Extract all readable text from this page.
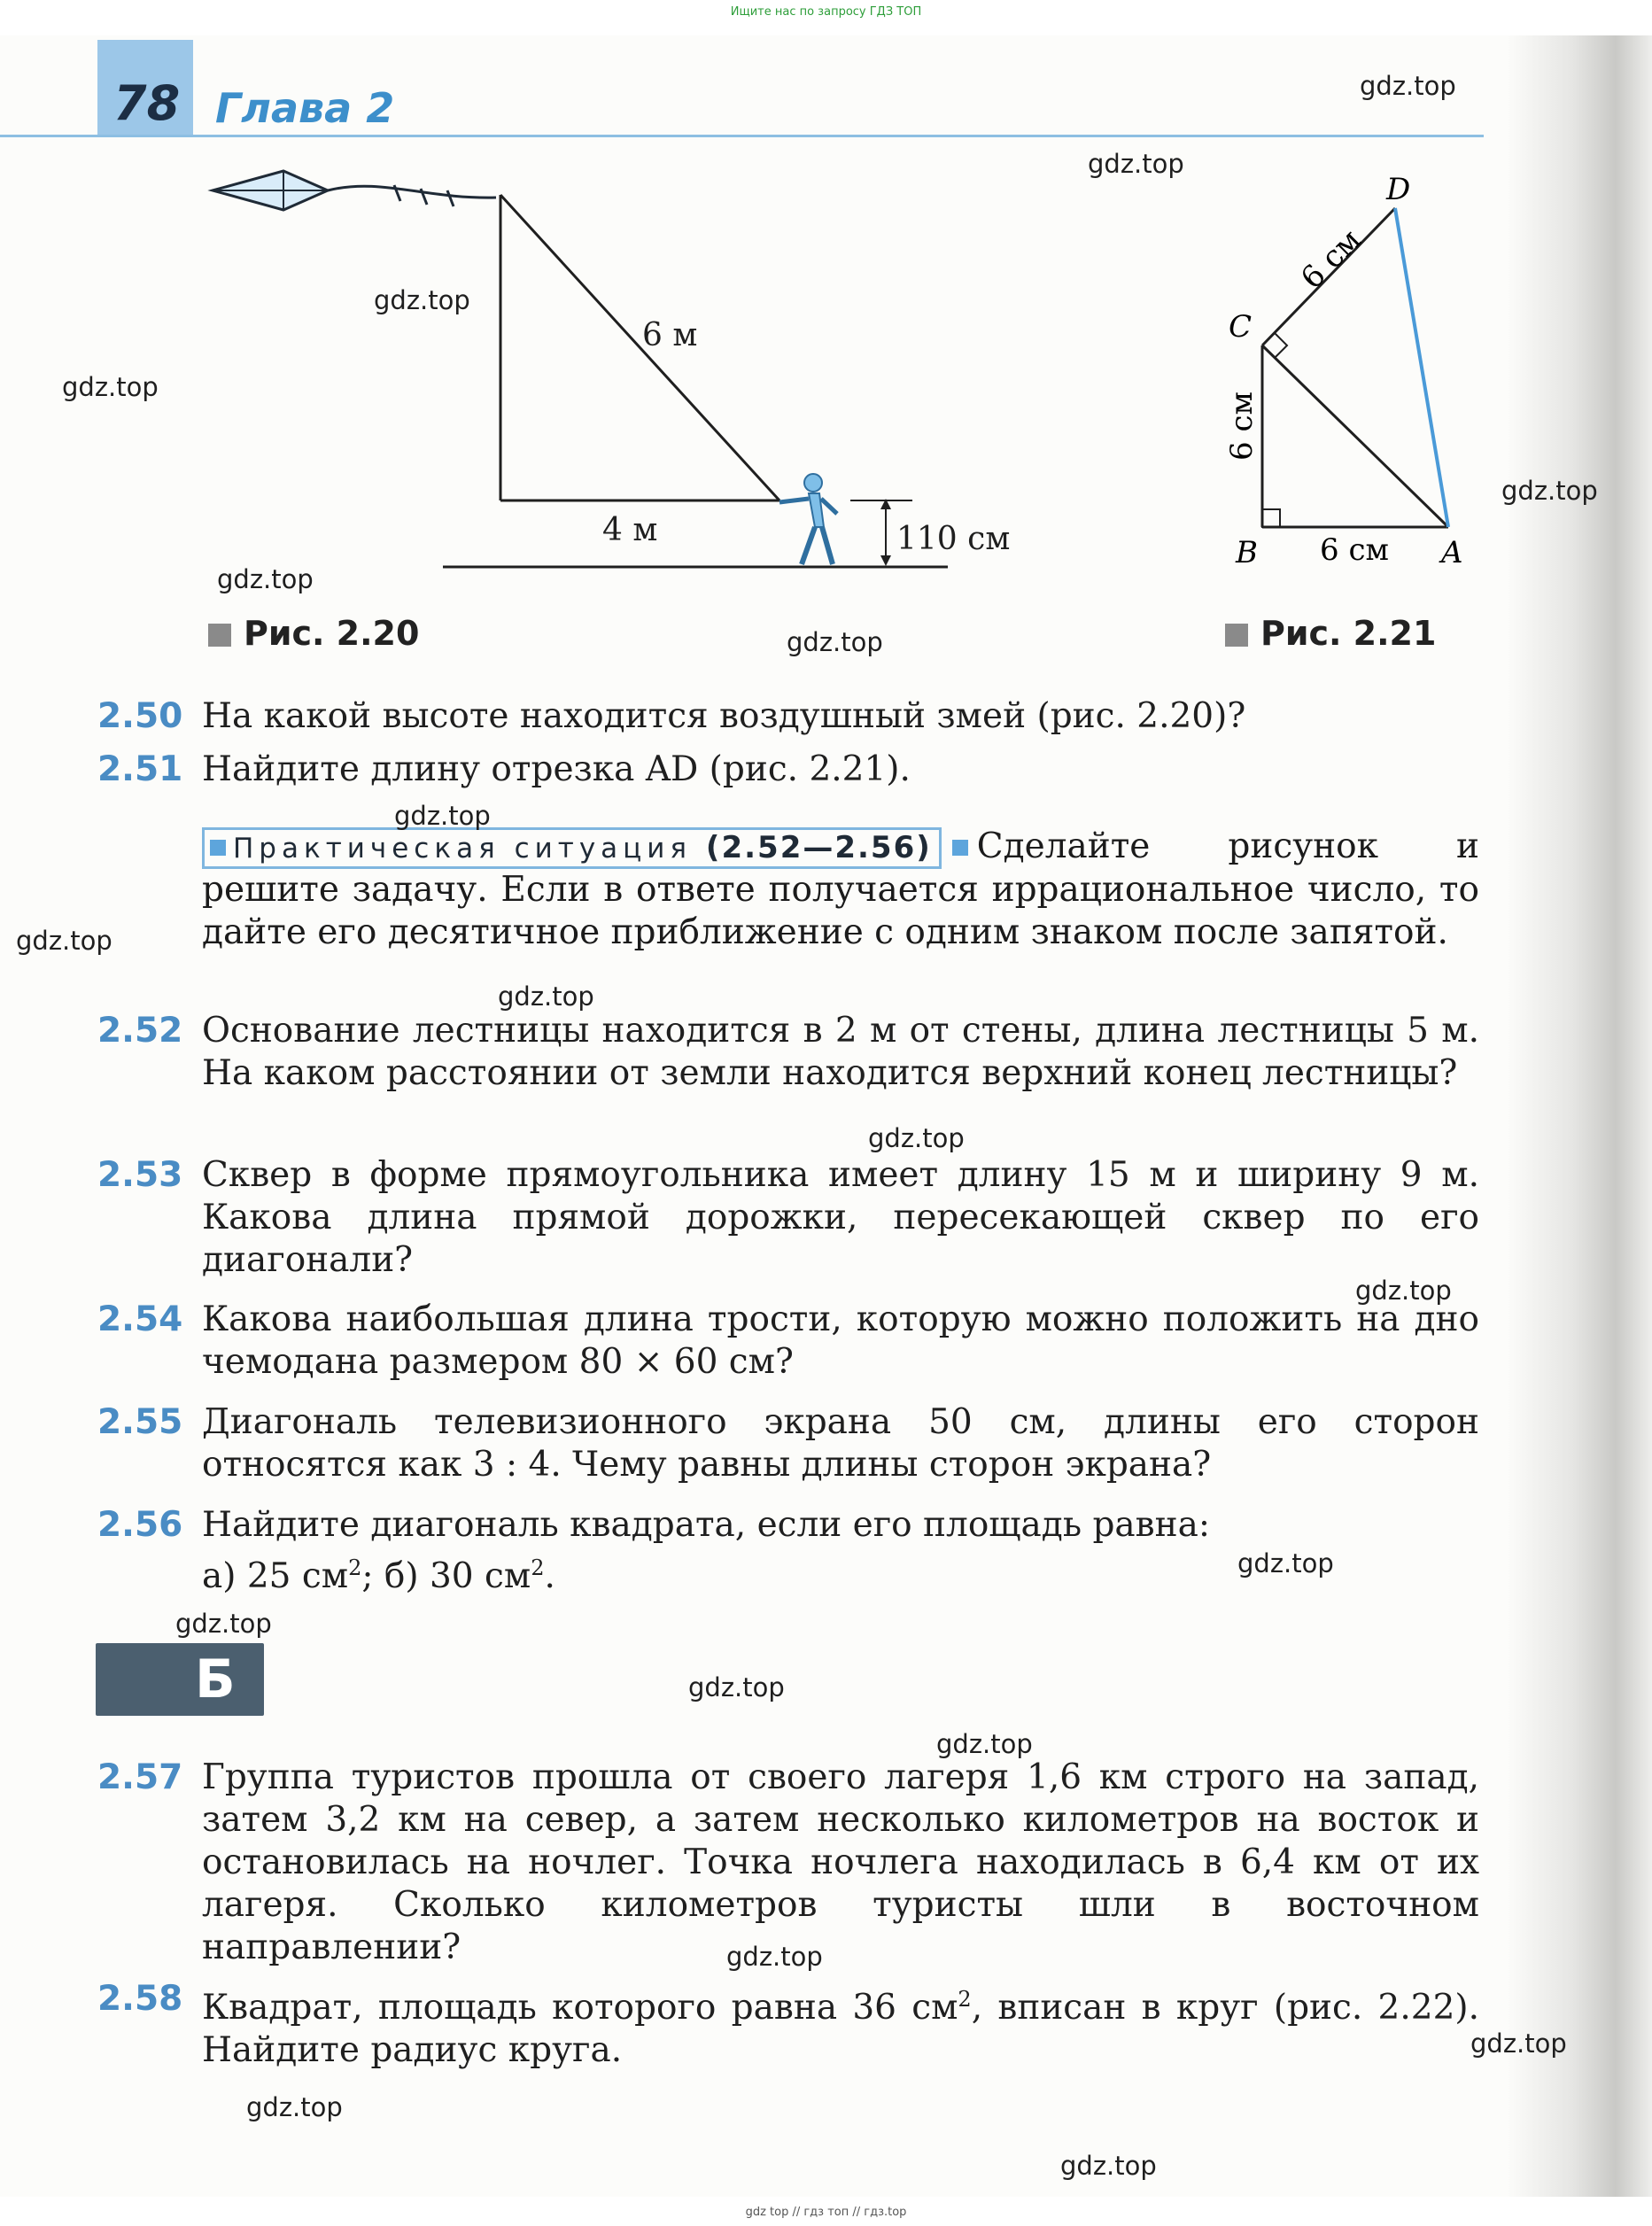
Ищите нас по запросу ГДЗ ТОП
78 Глава 2
6 м
4 м	110 см
Рис. 2.20
D
C
B	A
6 см
6 см
6 см
Рис. 2.21
2.50 На какой высоте находится воздушный змей (рис. 2.20)?
2.51 Найдите длину отрезка AD (рис. 2.21).
Практическая ситуация (2.52—2.56) Сделайте рисунок и решите задачу. Если в ответе получается иррациональное число, то дайте его десятичное приближение с одним знаком после запятой.
2.52 Основание лестницы находится в 2 м от стены, длина лестницы 5 м. На каком расстоянии от земли находится верхний конец лестницы?
2.53 Сквер в форме прямоугольника имеет длину 15 м и ширину 9 м. Какова длина прямой дорожки, пересекающей сквер по его диагонали?
2.54 Какова наибольшая длина трости, которую можно положить на дно чемодана размером 80 × 60 см?
2.55 Диагональ телевизионного экрана 50 см, длины его сторон относятся как 3 : 4. Чему равны длины сторон экрана?
2.56 Найдите диагональ квадрата, если его площадь равна:
а) 25 $см^2$; б) 30 $см^2$.
Б
2.57 Группа туристов прошла от своего лагеря 1,6 км строго на запад, затем 3,2 км на север, а затем несколько километров на восток и остановилась на ночлег. Точка ночлега находилась в 6,4 км от их лагеря. Сколько километров туристы шли в восточном направлении?
2.58 Квадрат, площадь которого равна 36 $см^2$, вписан в круг (рис. 2.22). Найдите радиус круга.
gdz.top
gdz.top
gdz.top
gdz.top
gdz.top
gdz.top
gdz.top
gdz.top
gdz.top
gdz.top
gdz.top
gdz.top
gdz.top
gdz.top
gdz.top
gdz.top
gdz.top
gdz.top
gdz.top
gdz.top
gdz top // гдз топ // гдз.top
